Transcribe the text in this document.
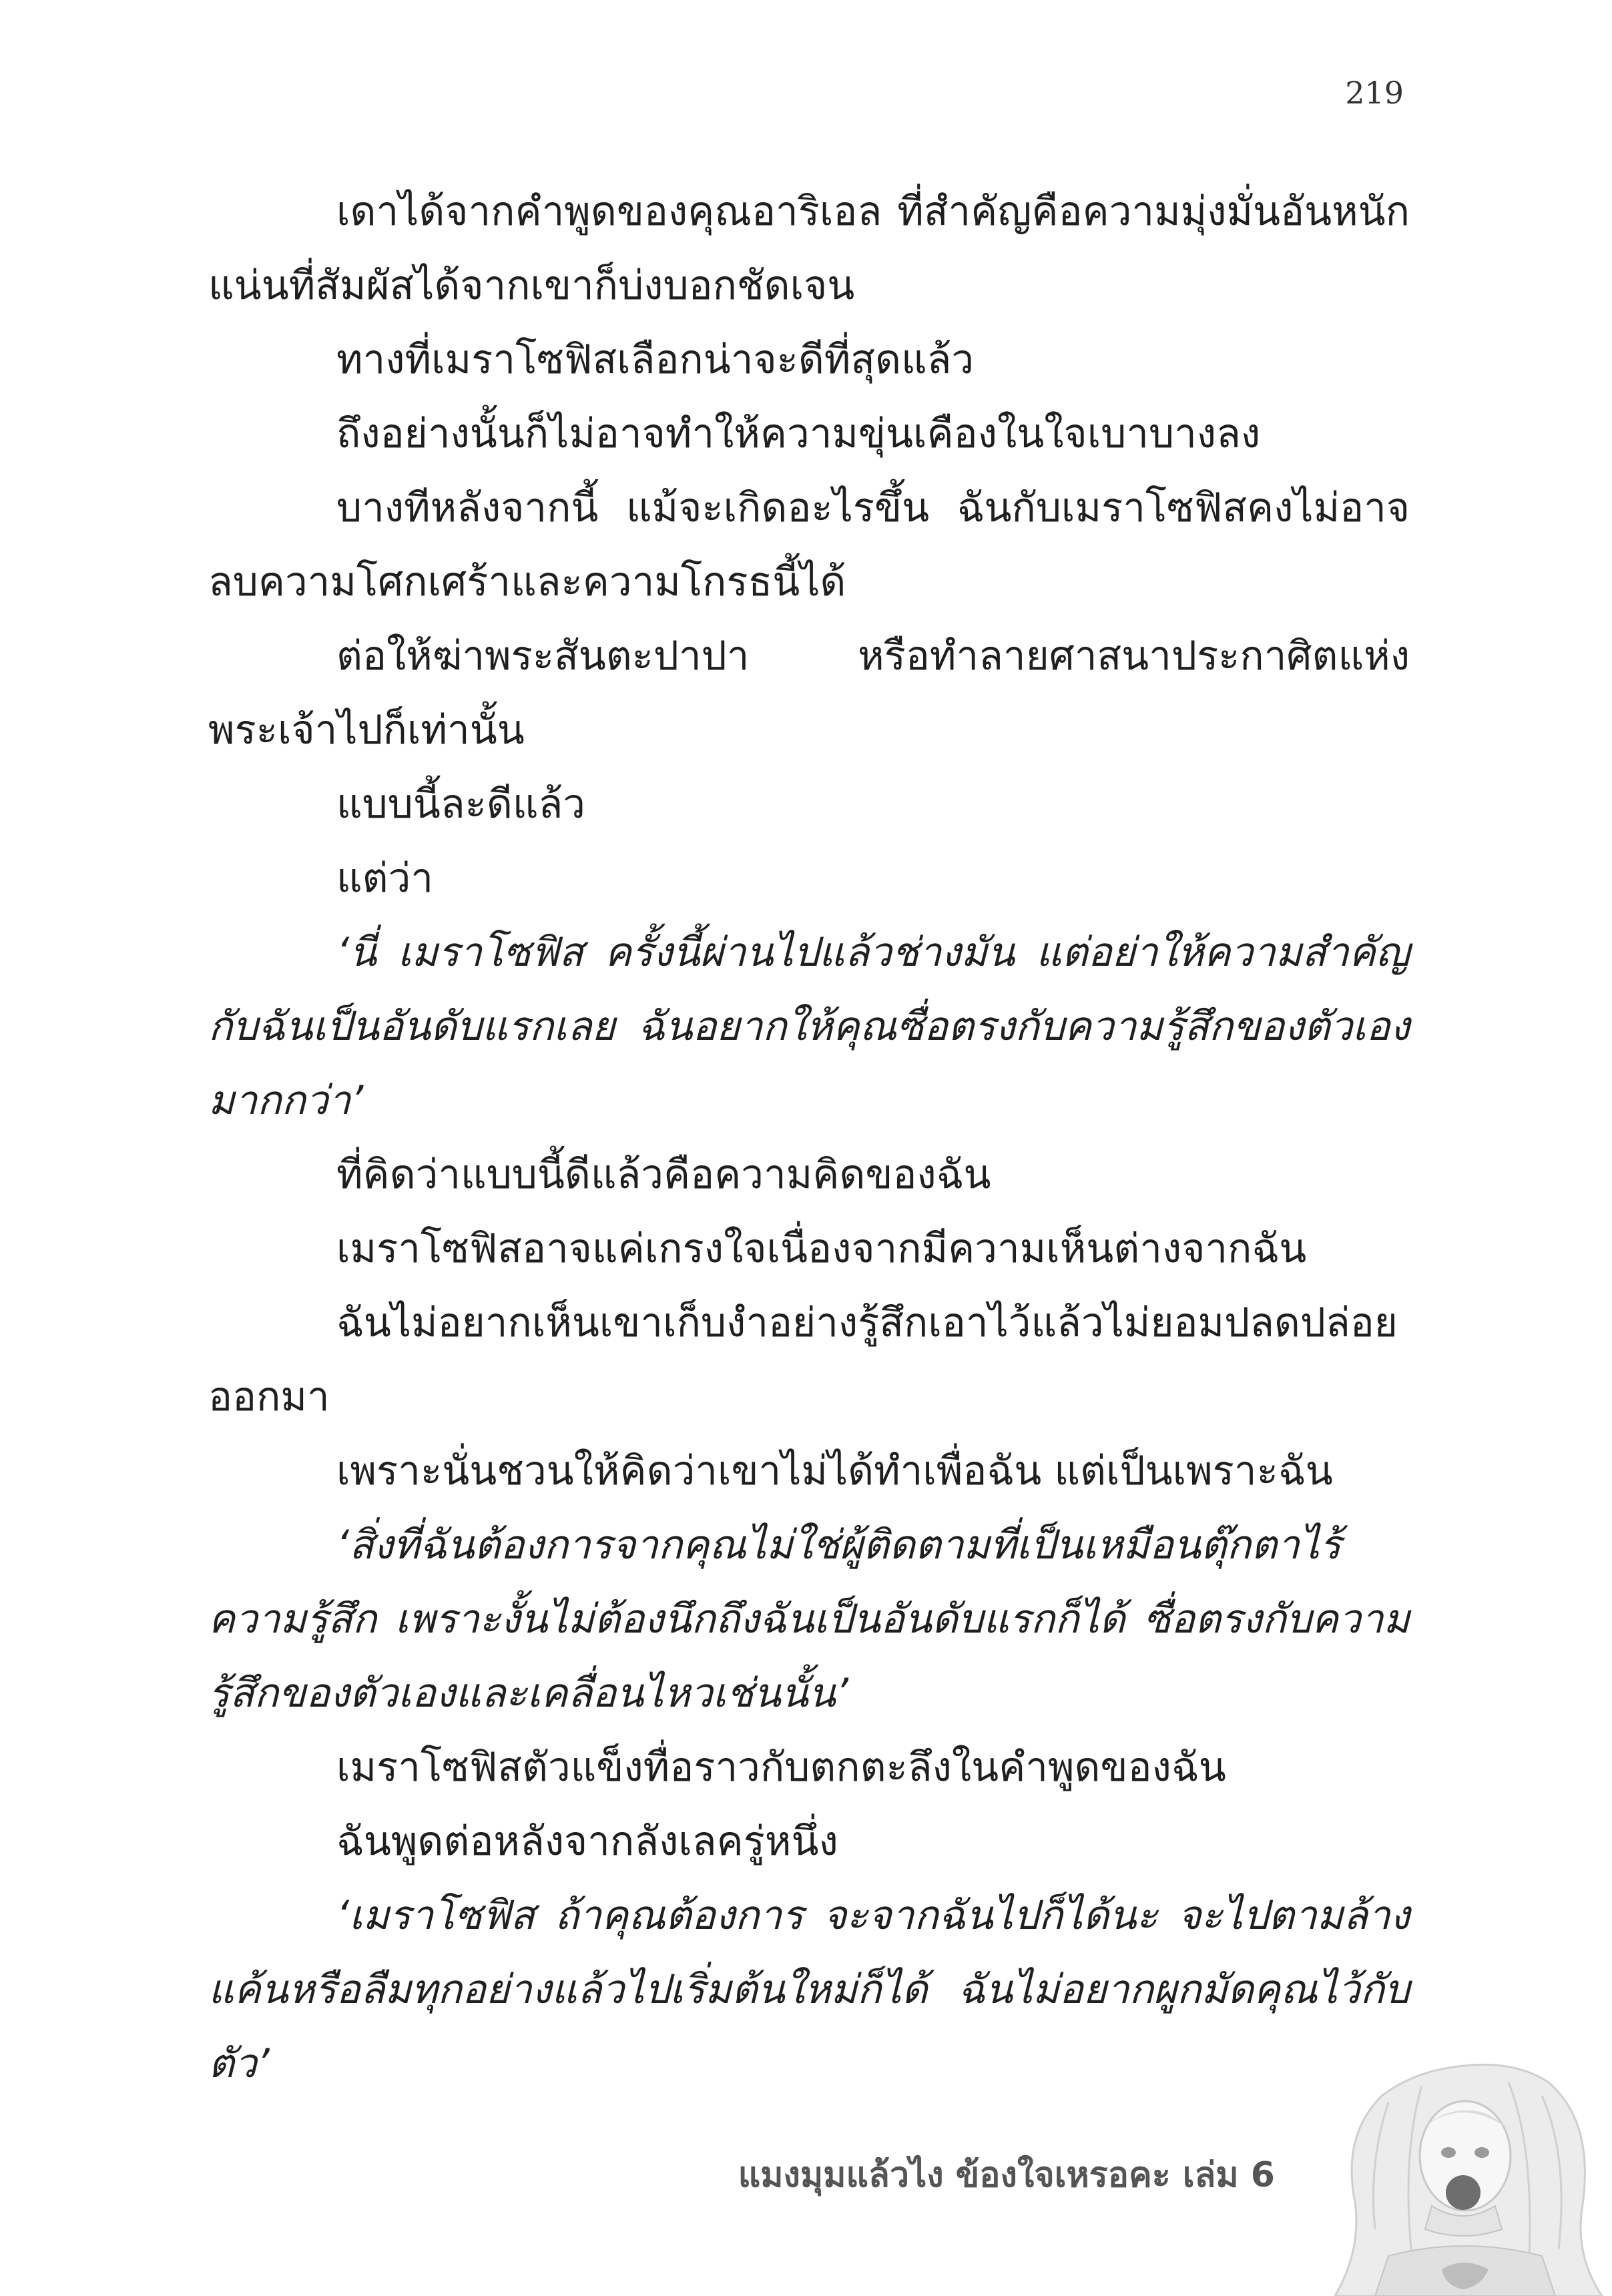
219

เดาได้จากคำพูดของคุณอาริเอล ที่สำคัญคือความมุ่งมั่นอันหนักแน่นที่สัมผัสได้จากเขาก็บ่งบอกชัดเจน

ทางที่เมราโซฟิสเลือกน่าจะดีที่สุดแล้ว

ถึงอย่างนั้นก็ไม่อาจทำให้ความขุ่นเคืองในใจเบาบางลง

บางทีหลังจากนี้ แม้จะเกิดอะไรขึ้น ฉันกับเมราโซฟิสคงไม่อาจลบความโศกเศร้าและความโกรธนี้ได้

ต่อให้ฆ่าพระสันตะปาปา หรือทำลายศาสนาประกาศิตแห่งพระเจ้าไปก็เท่านั้น

แบบนี้ละดีแล้ว

แต่ว่า

‘นี่ เมราโซฟิส ครั้งนี้ผ่านไปแล้วช่างมัน แต่อย่าให้ความสำคัญกับฉันเป็นอันดับแรกเลย ฉันอยากให้คุณซื่อตรงกับความรู้สึกของตัวเองมากกว่า’

ที่คิดว่าแบบนี้ดีแล้วคือความคิดของฉัน

เมราโซฟิสอาจแค่เกรงใจเนื่องจากมีความเห็นต่างจากฉัน

ฉันไม่อยากเห็นเขาเก็บงำอย่างรู้สึกเอาไว้แล้วไม่ยอมปลดปล่อยออกมา

เพราะนั่นชวนให้คิดว่าเขาไม่ได้ทำเพื่อฉัน แต่เป็นเพราะฉัน

‘สิ่งที่ฉันต้องการจากคุณไม่ใช่ผู้ติดตามที่เป็นเหมือนตุ๊กตาไร้ความรู้สึก เพราะงั้นไม่ต้องนึกถึงฉันเป็นอันดับแรกก็ได้ ซื่อตรงกับความรู้สึกของตัวเองและเคลื่อนไหวเช่นนั้น’

เมราโซฟิสตัวแข็งทื่อราวกับตกตะลึงในคำพูดของฉัน

ฉันพูดต่อหลังจากลังเลครู่หนึ่ง

‘เมราโซฟิส ถ้าคุณต้องการ จะจากฉันไปก็ได้นะ จะไปตามล้างแค้นหรือลืมทุกอย่างแล้วไปเริ่มต้นใหม่ก็ได้ ฉันไม่อยากผูกมัดคุณไว้กับตัว’

แมงมุมแล้วไง ข้องใจเหรอคะ เล่ม 6
